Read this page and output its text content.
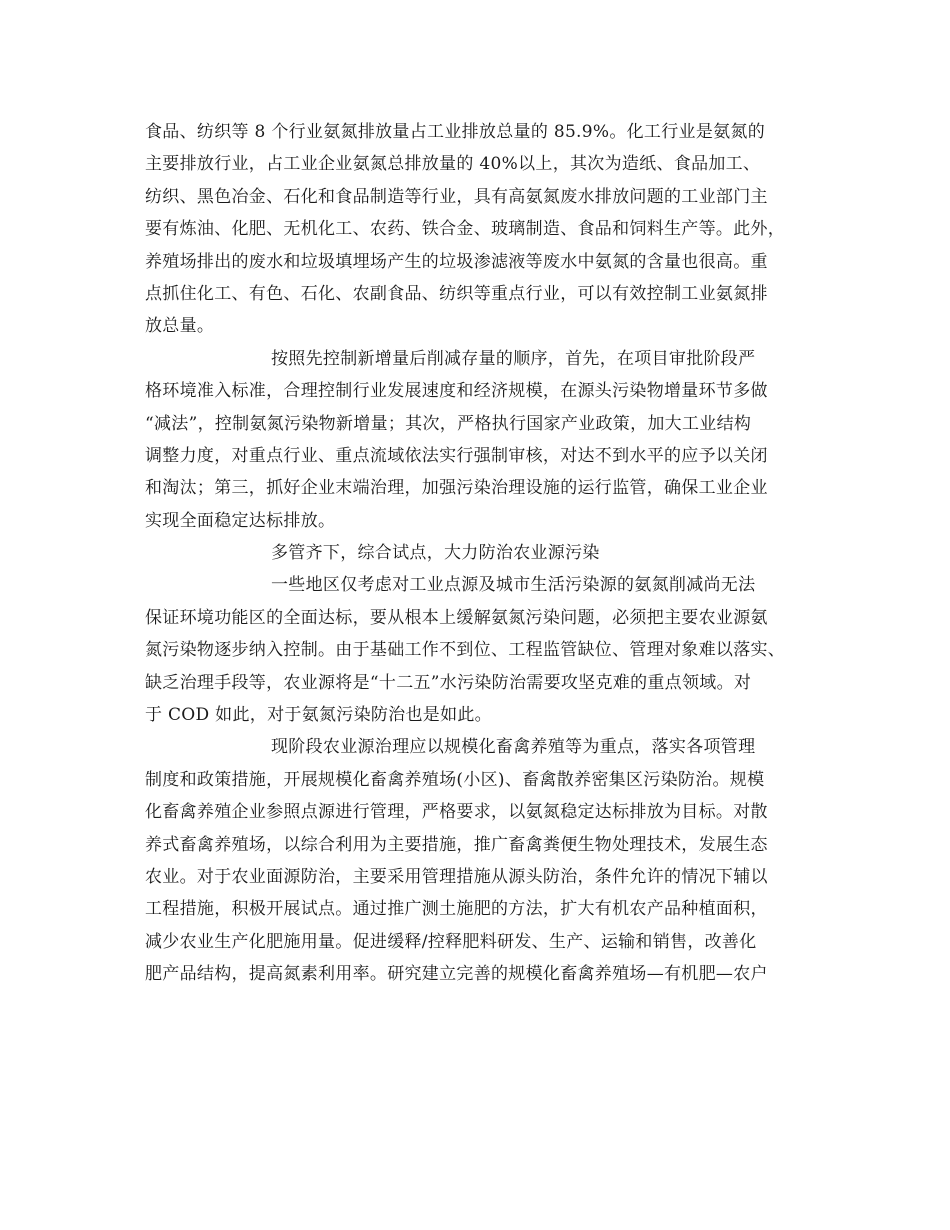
食品、纺织等 8 个行业氨氮排放量占工业排放总量的 85.9%。化工行业是氨氮的
主要排放行业，占工业企业氨氮总排放量的 40%以上，其次为造纸、食品加工、
纺织、黑色冶金、石化和食品制造等行业，具有高氨氮废水排放问题的工业部门主
要有炼油、化肥、无机化工、农药、铁合金、玻璃制造、食品和饲料生产等。此外，
养殖场排出的废水和垃圾填埋场产生的垃圾渗滤液等废水中氨氮的含量也很高。重
点抓住化工、有色、石化、农副食品、纺织等重点行业，可以有效控制工业氨氮排
放总量。
按照先控制新增量后削减存量的顺序，首先，在项目审批阶段严
格环境准入标准，合理控制行业发展速度和经济规模，在源头污染物增量环节多做
“减法”，控制氨氮污染物新增量；其次，严格执行国家产业政策，加大工业结构
调整力度，对重点行业、重点流域依法实行强制审核，对达不到水平的应予以关闭
和淘汰；第三，抓好企业末端治理，加强污染治理设施的运行监管，确保工业企业
实现全面稳定达标排放。
多管齐下，综合试点，大力防治农业源污染
一些地区仅考虑对工业点源及城市生活污染源的氨氮削减尚无法
保证环境功能区的全面达标，要从根本上缓解氨氮污染问题，必须把主要农业源氨
氮污染物逐步纳入控制。由于基础工作不到位、工程监管缺位、管理对象难以落实、
缺乏治理手段等，农业源将是“十二五”水污染防治需要攻坚克难的重点领域。对
于 COD 如此，对于氨氮污染防治也是如此。
现阶段农业源治理应以规模化畜禽养殖等为重点，落实各项管理
制度和政策措施，开展规模化畜禽养殖场(小区)、畜禽散养密集区污染防治。规模
化畜禽养殖企业参照点源进行管理，严格要求，以氨氮稳定达标排放为目标。对散
养式畜禽养殖场，以综合利用为主要措施，推广畜禽粪便生物处理技术，发展生态
农业。对于农业面源防治，主要采用管理措施从源头防治，条件允许的情况下辅以
工程措施，积极开展试点。通过推广测土施肥的方法，扩大有机农产品种植面积，
减少农业生产化肥施用量。促进缓释/控释肥料研发、生产、运输和销售，改善化
肥产品结构，提高氮素利用率。研究建立完善的规模化畜禽养殖场—有机肥—农户
